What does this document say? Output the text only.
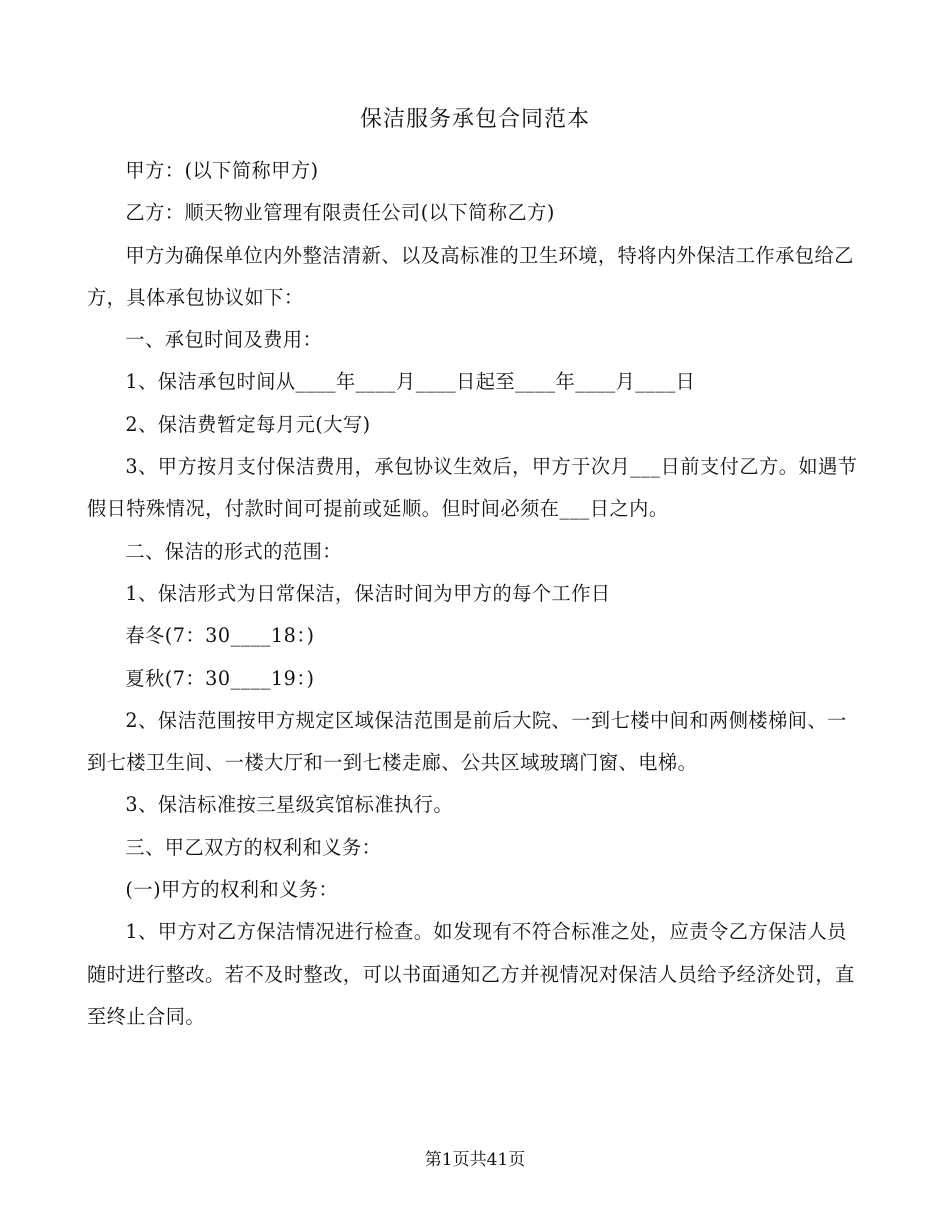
保洁服务承包合同范本

甲方：(以下简称甲方)

乙方：顺天物业管理有限责任公司(以下简称乙方)

甲方为确保单位内外整洁清新、以及高标准的卫生环境，特将内外保洁工作承包给乙方，具体承包协议如下：

一、承包时间及费用：

1、保洁承包时间从____年____月____日起至____年____月____日

2、保洁费暂定每月元(大写)

3、甲方按月支付保洁费用，承包协议生效后，甲方于次月___日前支付乙方。如遇节假日特殊情况，付款时间可提前或延顺。但时间必须在___日之内。

二、保洁的形式的范围：

1、保洁形式为日常保洁，保洁时间为甲方的每个工作日

春冬(7：30____18：)

夏秋(7：30____19：)

2、保洁范围按甲方规定区域保洁范围是前后大院、一到七楼中间和两侧楼梯间、一到七楼卫生间、一楼大厅和一到七楼走廊、公共区域玻璃门窗、电梯。

3、保洁标准按三星级宾馆标准执行。

三、甲乙双方的权利和义务：

(一)甲方的权利和义务：

1、甲方对乙方保洁情况进行检查。如发现有不符合标准之处，应责令乙方保洁人员随时进行整改。若不及时整改，可以书面通知乙方并视情况对保洁人员给予经济处罚，直至终止合同。

第1页共41页
